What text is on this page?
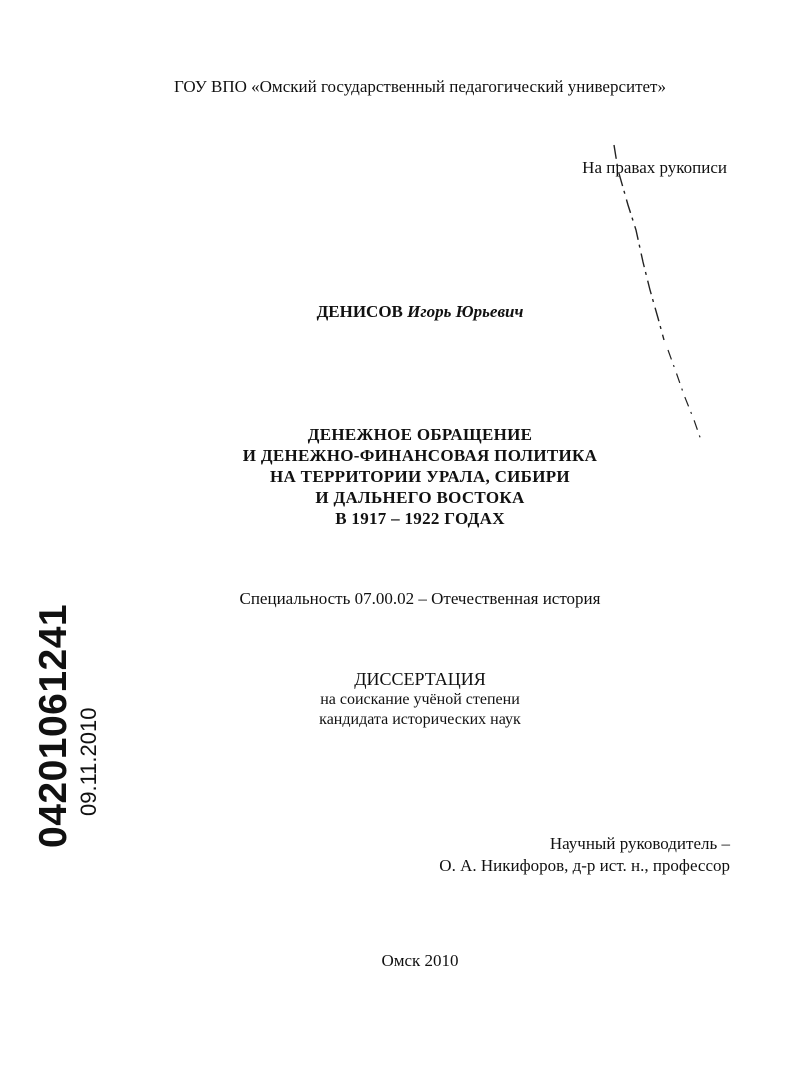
ГОУ ВПО «Омский государственный педагогический университет»
На правах рукописи
ДЕНИСОВ Игорь Юрьевич
ДЕНЕЖНОЕ ОБРАЩЕНИЕ
И ДЕНЕЖНО-ФИНАНСОВАЯ ПОЛИТИКА
НА ТЕРРИТОРИИ УРАЛА, СИБИРИ
И ДАЛЬНЕГО ВОСТОКА
В 1917 – 1922 ГОДАХ
Специальность 07.00.02 – Отечественная история
ДИССЕРТАЦИЯ
на соискание учёной степени
кандидата исторических наук
Научный руководитель –
О. А. Никифоров, д-р ист. н., профессор
Омск 2010
04201061241 09.11.2010
